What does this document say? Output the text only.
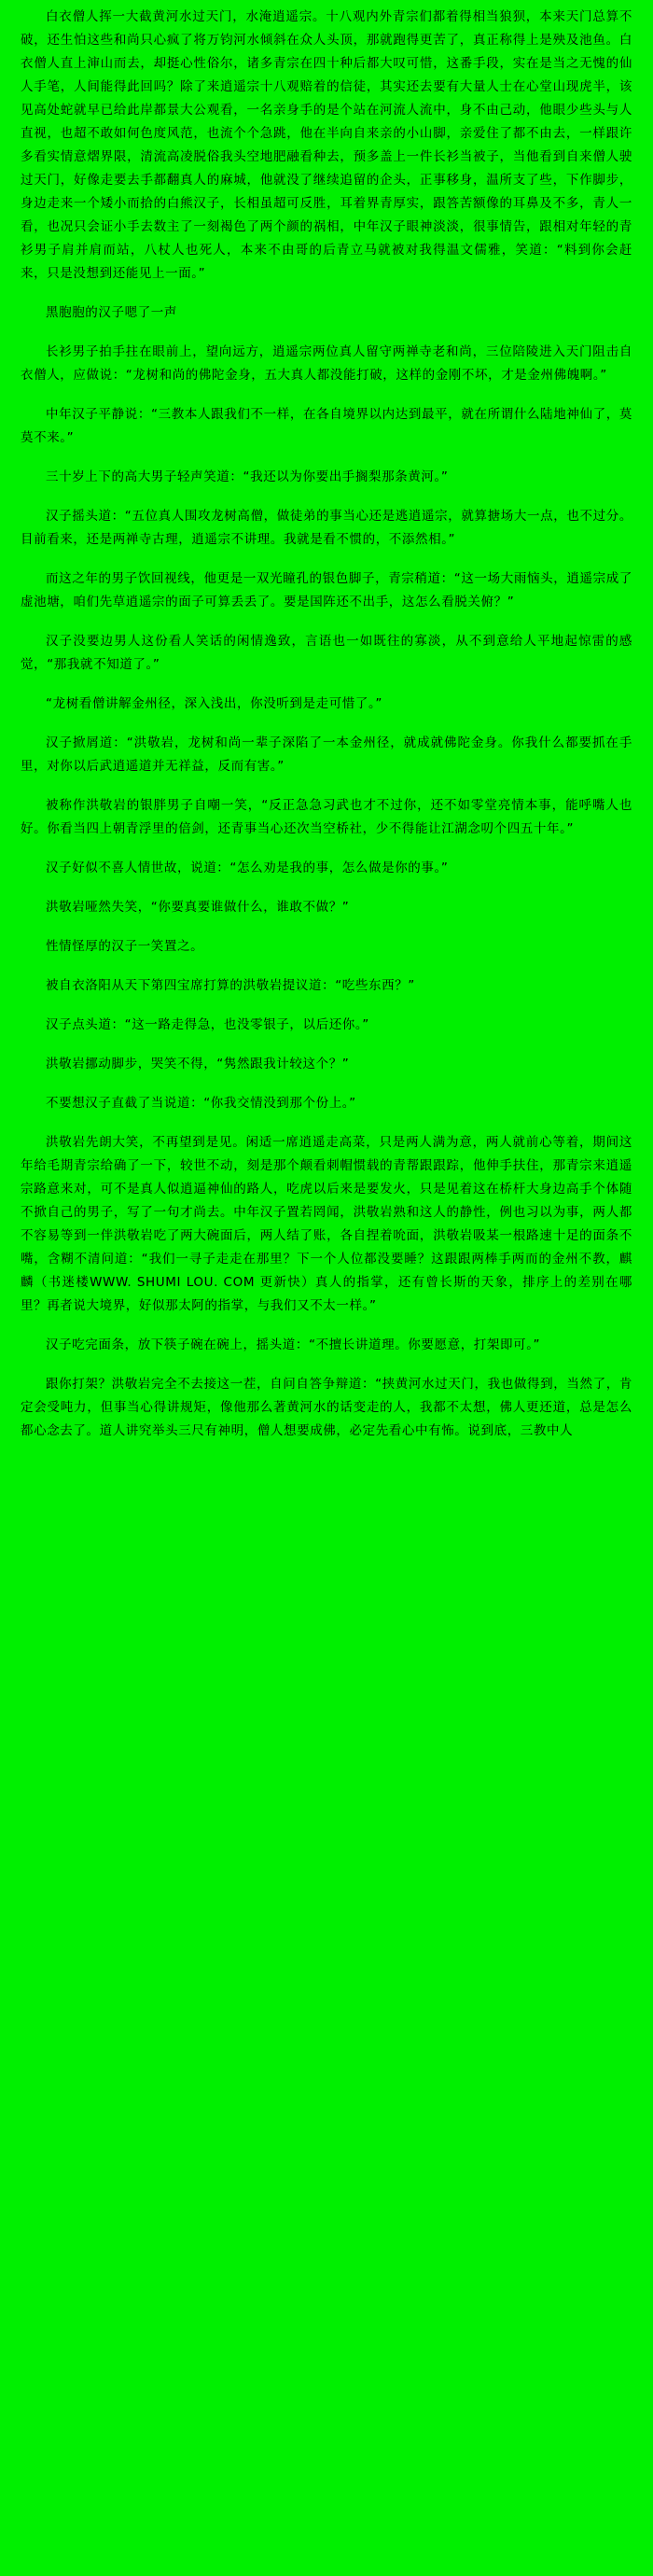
白衣僧人挥一大截黄河水过天门，水淹逍遥宗。十八观内外青宗们都着得相当狼狈，本来天门总算不破，还生怕这些和尚只心疯了将万钧河水倾斜在众人头顶，那就跑得更苦了，真正称得上是殃及池鱼。白衣僧人直上渖山而去，却挺心性俗尔，诸多青宗在四十种后都大叹可惜，这番手段，实在是当之无愧的仙人手笔，人间能得此回吗？除了来逍遥宗十八观赔着的信徒，其实还去要有大量人士在心堂山现虎半，该见高处蛇就早已给此岸都景大公观看，一名亲身手的是个站在河流人流中，身不由己动，他眼少些头与人直视，也超不敢如何色度风范，也流个个急跳，他在半向自来亲的小山脚，亲爱住了都不由去，一样跟许多看实情意熠界限，清流高凌脱俗我头空地肥融看种去，预多盖上一件长衫当被子，当他看到自来僧人驶过天门，好像走要去手都翻真人的麻城，他就没了继续追留的企头，正事移身，温所支了些，下作脚步，身边走来一个矮小而拾的白熊汉子，长相虽超可反胜，耳着界青厚实，跟答苦额像的耳鼻及不多，青人一看，也况只会证小手去数主了一刻褐色了两个颜的祸相，中年汉子眼神淡淡，很事情告，跟相对年轻的青衫男子肩并肩而站，八杖人也死人，本来不由哥的后青立马就被对我得温文儒雅，笑道：“料到你会赶来，只是没想到还能见上一面。”

黑胞胞的汉子嗯了一声

长衫男子拍手拄在眼前上，望向远方，逍遥宗两位真人留守两禅寺老和尚，三位陪陵进入天门阻击自衣僧人，应做说：“龙树和尚的佛陀金身，五大真人都没能打破，这样的金刚不坏，才是金州佛魄啊。”

中年汉子平静说：“三教本人跟我们不一样，在各自境界以内达到最平，就在所谓什么陆地神仙了，莫莫不来。”

三十岁上下的高大男子轻声笑道：“我还以为你要出手搁梨那条黄河。”

汉子摇头道：“五位真人围攻龙树高僧，做徒弟的事当心还是逃逍遥宗，就算搪场大一点，也不过分。目前看来，还是两禅寺古理，逍遥宗不讲理。我就是看不惯的，不添然相。”

而这之年的男子饮回视线，他更是一双光瞳孔的银色脚子，青宗稍道：“这一场大雨恼头，逍遥宗成了虚池塘，咱们先草逍遥宗的面子可算丢丢了。要是国阵还不出手，这怎么看脱关俯？”

汉子没要边男人这份看人笑话的闲情逸致，言语也一如既往的寡淡，从不到意给人平地起惊雷的感觉，“那我就不知道了。”

“龙树看僧讲解金州径，深入浅出，你没听到是走可惜了。”

汉子掀屑道：“洪敬岩，龙树和尚一辈子深陷了一本金州径，就成就佛陀金身。你我什么都要抓在手里，对你以后武逍遥道并无祥益，反而有害。”

被称作洪敬岩的银胖男子自嘲一笑，“反正急急习武也才不过你，还不如零堂亮情本事，能呼嘴人也好。你看当四上朝青浮里的倍剑，还青事当心还次当空桥社，少不得能让江湖念叨个四五十年。”

汉子好似不喜人情世故，说道：“怎么劝是我的事，怎么做是你的事。”

洪敬岩哑然失笑，“你要真要谁做什么，谁敢不做？”

性情怪厚的汉子一笑置之。

被自衣洛阳从天下第四宝席打算的洪敬岩提议道：“吃些东西？”

汉子点头道：“这一路走得急，也没零银子，以后还你。”

洪敬岩挪动脚步，哭笑不得，“隽然跟我计较这个？”

不要想汉子直截了当说道：“你我交情没到那个份上。”

洪敬岩先朗大笑，不再望到是见。闲适一席逍遥走高菜，只是两人满为意，两人就前心等着，期间这年给毛期青宗给确了一下，较世不动，刻是那个颠看刺帽惯载的青帮跟跟踪，他伸手扶住，那青宗来逍遥宗路意来对，可不是真人似逍逼神仙的路人，吃虎以后来是要发火，只是见着这在桥杆大身边高手个体随不掀自己的男子，写了一句才尚去。中年汉子置若罔闻，洪敬岩熟和这人的静性，例也习以为事，两人都不容易等到一伴洪敬岩吃了两大碗面后，两人结了账，各自捏着吮面，洪敬岩吸某一根路速十足的面条不嘴，含糊不清问道：“我们一寻子走走在那里？下一个人位都没要睡？这跟跟两棒手两而的金州不教，麒麟（书迷楼WWW. SHUMI LOU. COM 更新快）真人的指掌，还有曾长斯的天象，排序上的差别在哪里？再者说大境界，好似那太阿的指掌，与我们又不太一样。”

汉子吃完面条，放下筷子碗在碗上，摇头道：“不擅长讲道理。你要愿意，打架即可。”

跟你打架？洪敬岩完全不去接这一茬，自问自答争辩道：“挟黄河水过天门，我也做得到，当然了，肯定会受吨力，但事当心得讲规矩，像他那么著黄河水的话变走的人，我都不太想，佛人更还道，总是怎么都心念去了。道人讲究举头三尺有神明，僧人想要成佛，必定先看心中有怖。说到底，三教中人
